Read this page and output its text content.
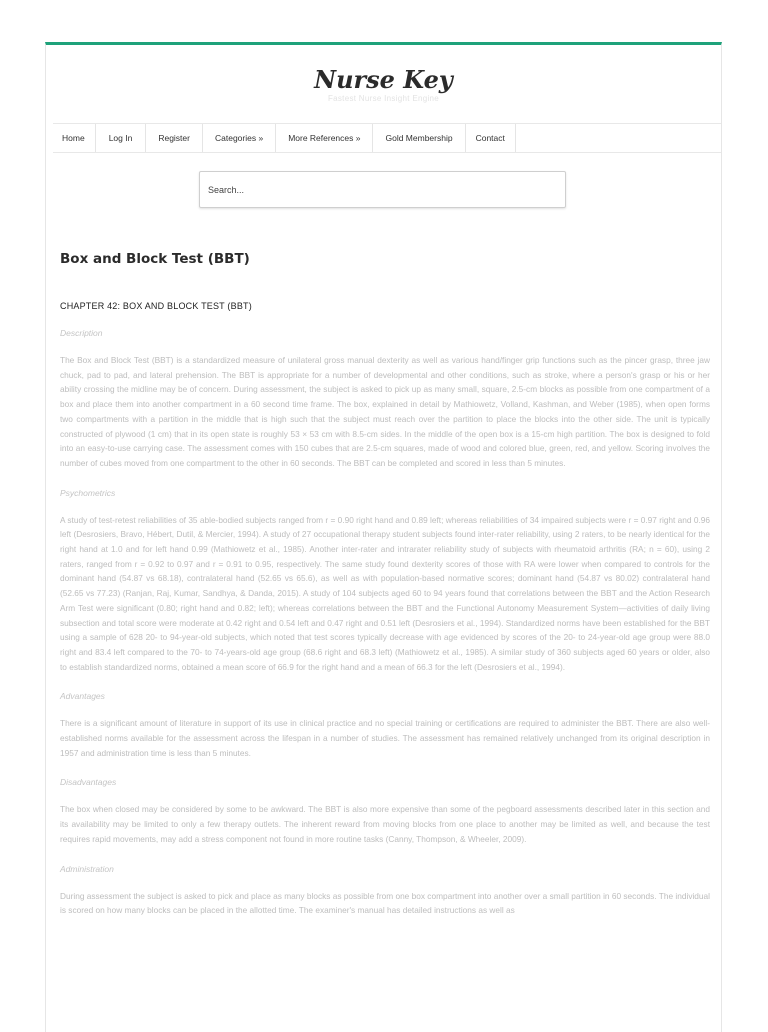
Nurse Key
Fastest Nurse Insight Engine
Home	Log In	Register	Categories »	More References »	Gold Membership	Contact
Search...
Box and Block Test (BBT)
CHAPTER 42: BOX AND BLOCK TEST (BBT)
Description
The Box and Block Test (BBT) is a standardized measure of unilateral gross manual dexterity as well as various hand/finger grip functions such as the pincer grasp, three jaw chuck, pad to pad, and lateral prehension. The BBT is appropriate for a number of developmental and other conditions, such as stroke, where a person's grasp or his or her ability crossing the midline may be of concern. During assessment, the subject is asked to pick up as many small, square, 2.5-cm blocks as possible from one compartment of a box and place them into another compartment in a 60 second time frame. The box, explained in detail by Mathiowetz, Volland, Kashman, and Weber (1985), when open forms two compartments with a partition in the middle that is high such that the subject must reach over the partition to place the blocks into the other side. The unit is typically constructed of plywood (1 cm) that in its open state is roughly 53 × 53 cm with 8.5-cm sides. In the middle of the open box is a 15-cm high partition. The box is designed to fold into an easy-to-use carrying case. The assessment comes with 150 cubes that are 2.5-cm squares, made of wood and colored blue, green, red, and yellow. Scoring involves the number of cubes moved from one compartment to the other in 60 seconds. The BBT can be completed and scored in less than 5 minutes.
Psychometrics
A study of test-retest reliabilities of 35 able-bodied subjects ranged from r = 0.90 right hand and 0.89 left; whereas reliabilities of 34 impaired subjects were r = 0.97 right and 0.96 left (Desrosiers, Bravo, Hébert, Dutil, & Mercier, 1994). A study of 27 occupational therapy student subjects found inter-rater reliability, using 2 raters, to be nearly identical for the right hand at 1.0 and for left hand 0.99 (Mathiowetz et al., 1985). Another inter-rater and intrarater reliability study of subjects with rheumatoid arthritis (RA; n = 60), using 2 raters, ranged from r = 0.92 to 0.97 and r = 0.91 to 0.95, respectively. The same study found dexterity scores of those with RA were lower when compared to controls for the dominant hand (54.87 vs 68.18), contralateral hand (52.65 vs 65.6), as well as with population-based normative scores; dominant hand (54.87 vs 80.02) contralateral hand (52.65 vs 77.23) (Ranjan, Raj, Kumar, Sandhya, & Danda, 2015). A study of 104 subjects aged 60 to 94 years found that correlations between the BBT and the Action Research Arm Test were significant (0.80; right hand and 0.82; left); whereas correlations between the BBT and the Functional Autonomy Measurement System—activities of daily living subsection and total score were moderate at 0.42 right and 0.54 left and 0.47 right and 0.51 left (Desrosiers et al., 1994). Standardized norms have been established for the BBT using a sample of 628 20- to 94-year-old subjects, which noted that test scores typically decrease with age evidenced by scores of the 20- to 24-year-old age group were 88.0 right and 83.4 left compared to the 70- to 74-years-old age group (68.6 right and 68.3 left) (Mathiowetz et al., 1985). A similar study of 360 subjects aged 60 years or older, also to establish standardized norms, obtained a mean score of 66.9 for the right hand and a mean of 66.3 for the left (Desrosiers et al., 1994).
Advantages
There is a significant amount of literature in support of its use in clinical practice and no special training or certifications are required to administer the BBT. There are also well-established norms available for the assessment across the lifespan in a number of studies. The assessment has remained relatively unchanged from its original description in 1957 and administration time is less than 5 minutes.
Disadvantages
The box when closed may be considered by some to be awkward. The BBT is also more expensive than some of the pegboard assessments described later in this section and its availability may be limited to only a few therapy outlets. The inherent reward from moving blocks from one place to another may be limited as well, and because the test requires rapid movements, may add a stress component not found in more routine tasks (Canny, Thompson, & Wheeler, 2009).
Administration
During assessment the subject is asked to pick and place as many blocks as possible from one box compartment into another over a small partition in 60 seconds. The individual is scored on how many blocks can be placed in the allotted time. The examiner's manual has detailed instructions as well as
